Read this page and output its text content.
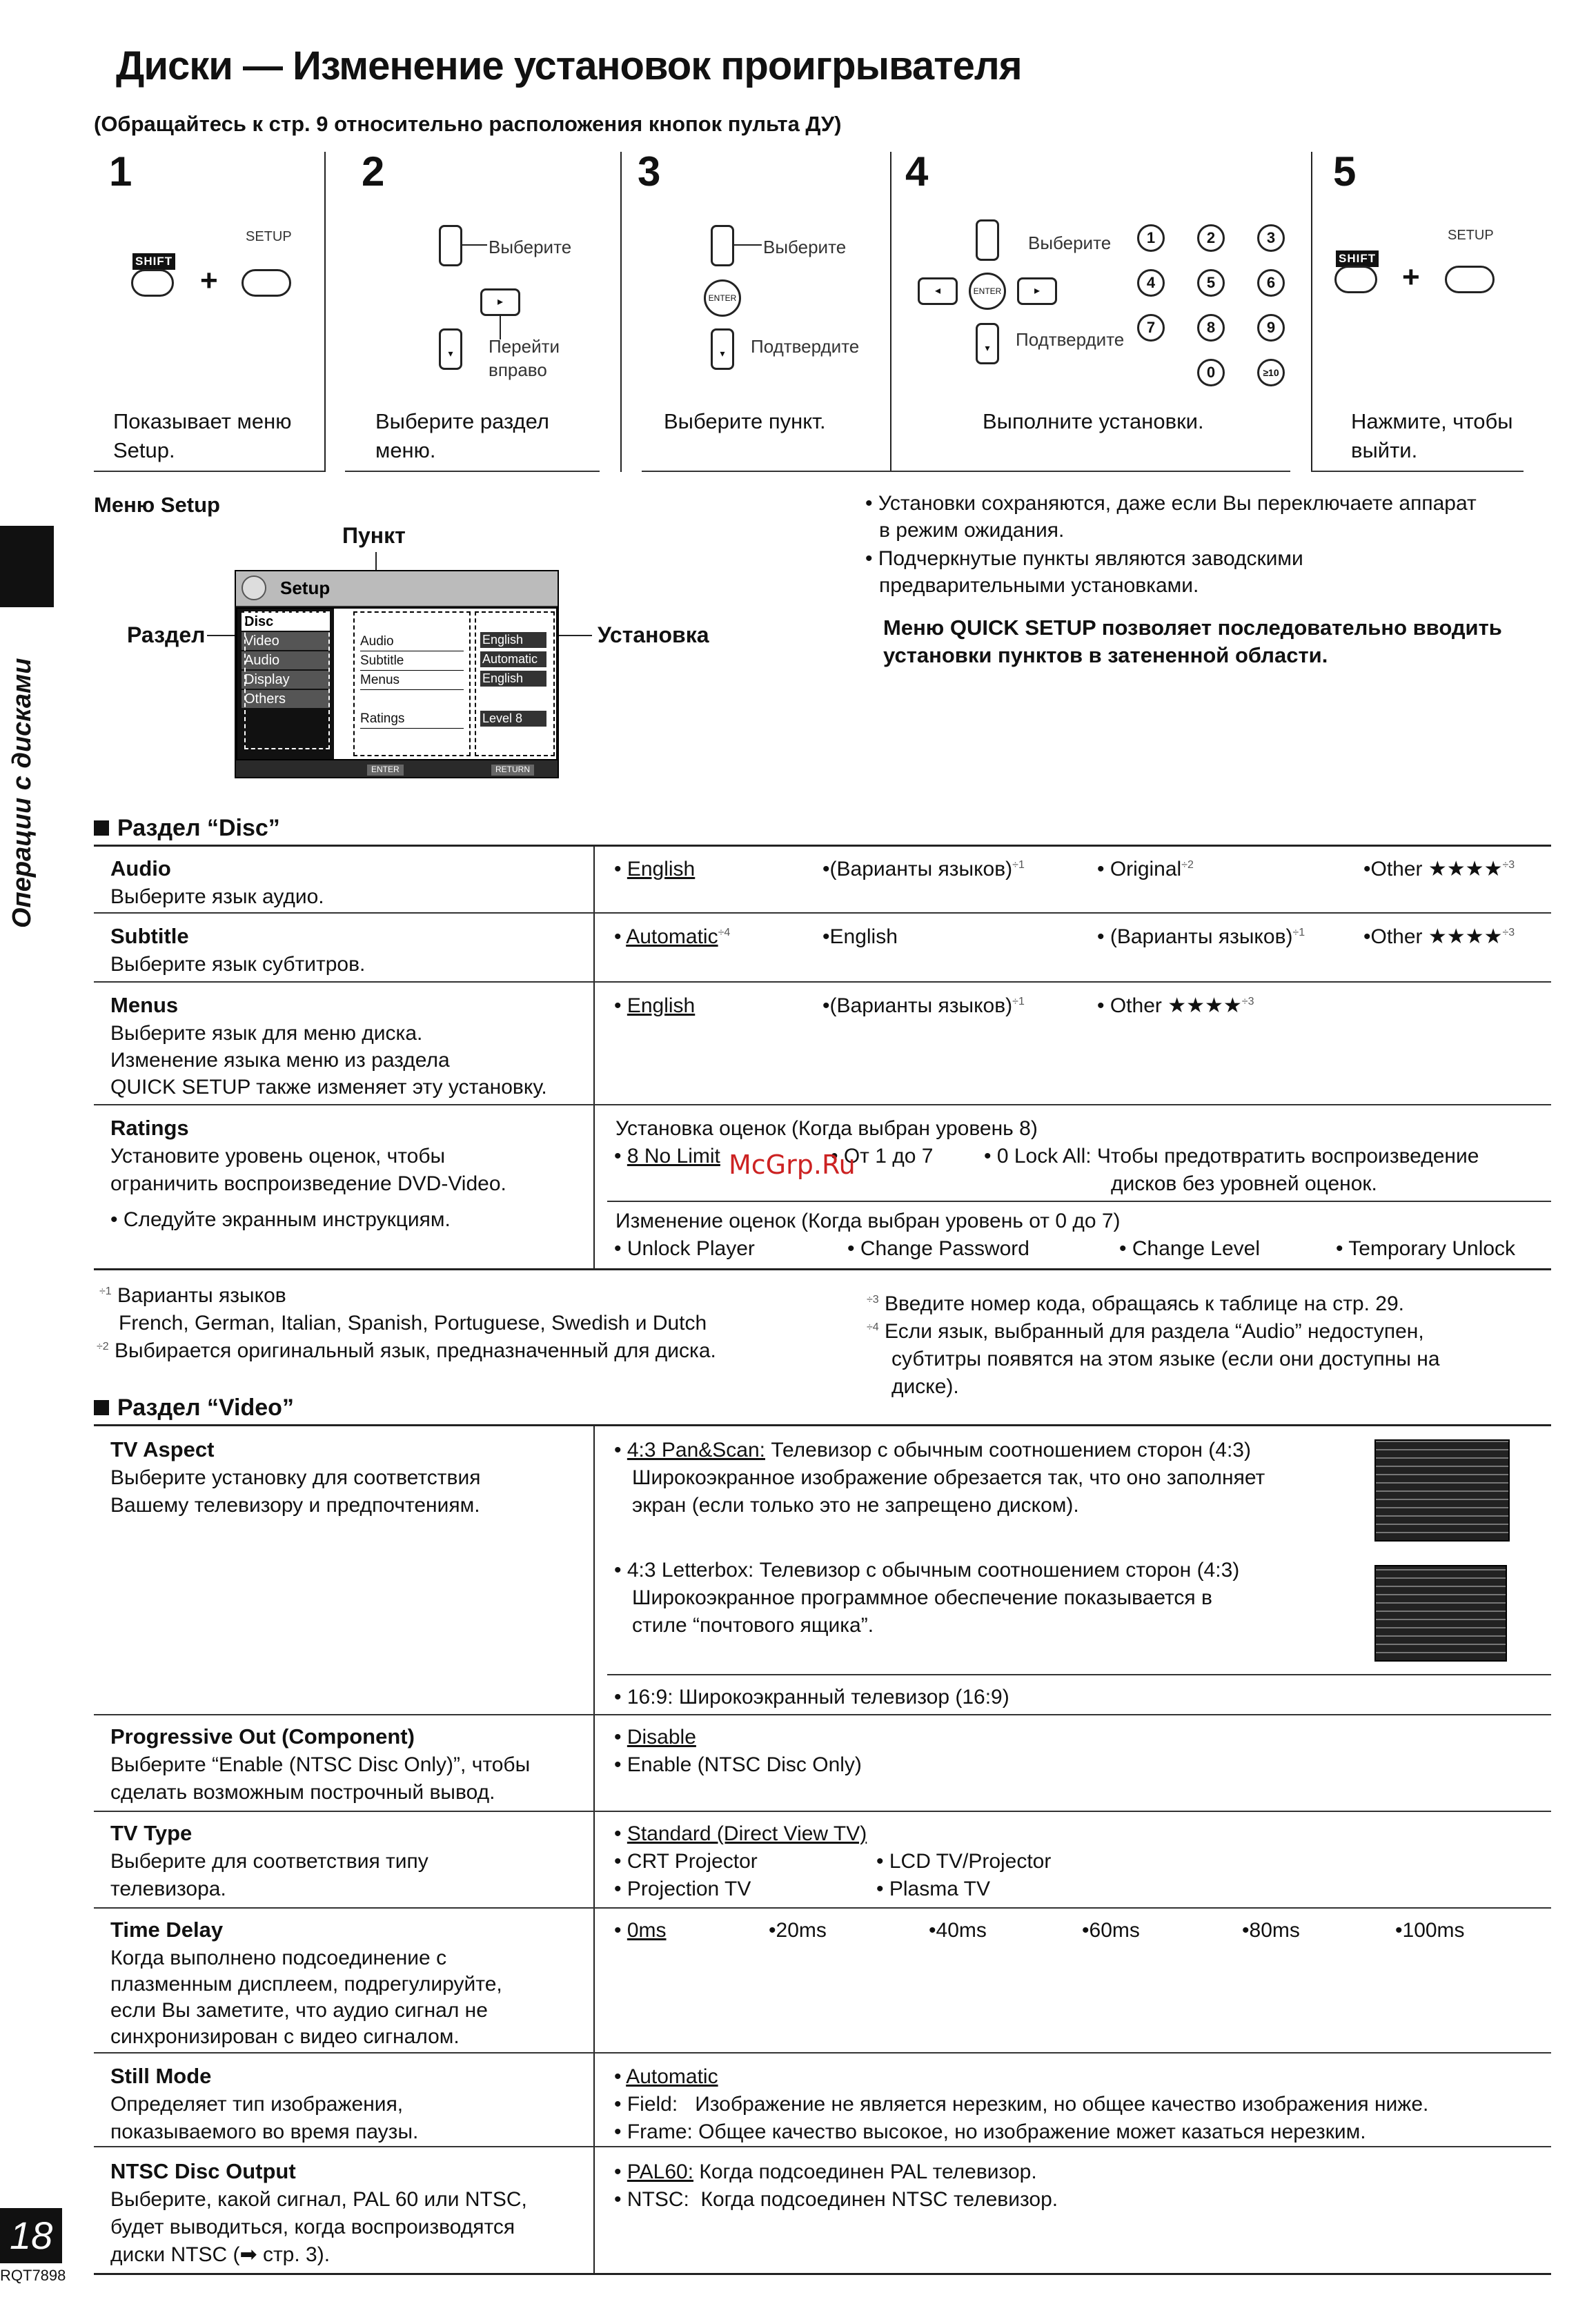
Диски — Изменение установок проигрывателя
(Обращайтесь к стр. 9 относительно расположения кнопок пульта ДУ)
Операции с дисками
1
SETUP
SHIFT
+
Показывает меню Setup.
2
Выберите
▸
▾	Перейти вправо
Выберите раздел меню.
3
Выберите
ENTER
▾	Подтвердите
Выберите пункт.
4
Выберите
◂	ENTER	▸
▾	Подтвердите
1	2	3
4	5	6
7	8	9
0	≥10
Выполните установки.
5
SETUP
SHIFT
+
Нажмите, чтобы выйти.
Меню Setup
Пункт
Раздел	Установка
Setup
Disc
Video
Audio
Display
Others
Audio
Subtitle
Menus
Ratings
English
Automatic
English
Level 8
ENTER	RETURN
• Установки сохраняются, даже если Вы переключаете аппарат в режим ожидания.
• Подчеркнутые пункты являются заводскими предварительными установками.
Меню QUICK SETUP позволяет последовательно вводить установки пунктов в затененной области.
Раздел “Disc”
Audio
Выберите язык аудио.
• English	•(Варианты языков)$^{\div 1}$	• Original$^{\div 2}$	•Other ★★★★$^{\div 3}$
Subtitle
Выберите язык субтитров.
• Automatic$^{\div 4}$	•English	• (Варианты языков)$^{\div 1}$	•Other ★★★★$^{\div 3}$
Menus
Выберите язык для меню диска.
Изменение языка меню из раздела
QUICK SETUP также изменяет эту установку.
• English	•(Варианты языков)$^{\div 1}$	• Other ★★★★$^{\div 3}$
Ratings
Установите уровень оценок, чтобы
ограничить воспроизведение DVD-Video.
• Следуйте экранным инструкциям.
Установка оценок (Когда выбран уровень 8)
• 8 No Limit	• От 1 до 7 • 0 Lock All: Чтобы предотвратить воспроизведение
дисков без уровней оценок.
Изменение оценок (Когда выбран уровень от 0 до 7)
• Unlock Player	• Change Password	• Change Level	• Temporary Unlock
McGrp.Ru
$^{\div 1}$ Варианты языков
French, German, Italian, Spanish, Portuguese, Swedish и Dutch
$^{\div 2}$ Выбирается оригинальный язык, предназначенный для диска.
$^{\div 3}$ Введите номер кода, обращаясь к таблице на стр. 29.
$^{\div 4}$ Если язык, выбранный для раздела “Audio” недоступен,
субтитры появятся на этом языке (если они доступны на
диске).
Раздел “Video”
TV Aspect
Выберите установку для соответствия
Вашему телевизору и предпочтениям.
• 4:3 Pan&Scan: Телевизор с обычным соотношением сторон (4:3)
Широкоэкранное изображение обрезается так, что оно заполняет
экран (если только это не запрещено диском).
• 4:3 Letterbox: Телевизор с обычным соотношением сторон (4:3)
Широкоэкранное программное обеспечение показывается в
стиле “почтового ящика”.
• 16:9: Широкоэкранный телевизор (16:9)
Progressive Out (Component)
Выберите “Enable (NTSC Disc Only)”, чтобы
сделать возможным построчный вывод.
• Disable
• Enable (NTSC Disc Only)
TV Type
Выберите для соответствия типу
телевизора.
• Standard (Direct View TV)
• CRT Projector	• LCD TV/Projector
• Projection TV	• Plasma TV
Time Delay
Когда выполнено подсоединение с
плазменным дисплеем, подрегулируйте,
если Вы заметите, что аудио сигнал не
синхронизирован с видео сигналом.
• 0ms	•20ms	•40ms	•60ms	•80ms	•100ms
Still Mode
Определяет тип изображения,
показываемого во время паузы.
• Automatic
• Field:   Изображение не является нерезким, но общее качество изображения ниже.
• Frame: Общее качество высокое, но изображение может казаться нерезким.
NTSC Disc Output
Выберите, какой сигнал, PAL 60 или NTSC,
будет выводиться, когда воспроизводятся
диски NTSC (➡ стр. 3).
• PAL60: Когда подсоединен PAL телевизор.
• NTSC:  Когда подсоединен NTSC телевизор.
18
RQT7898
